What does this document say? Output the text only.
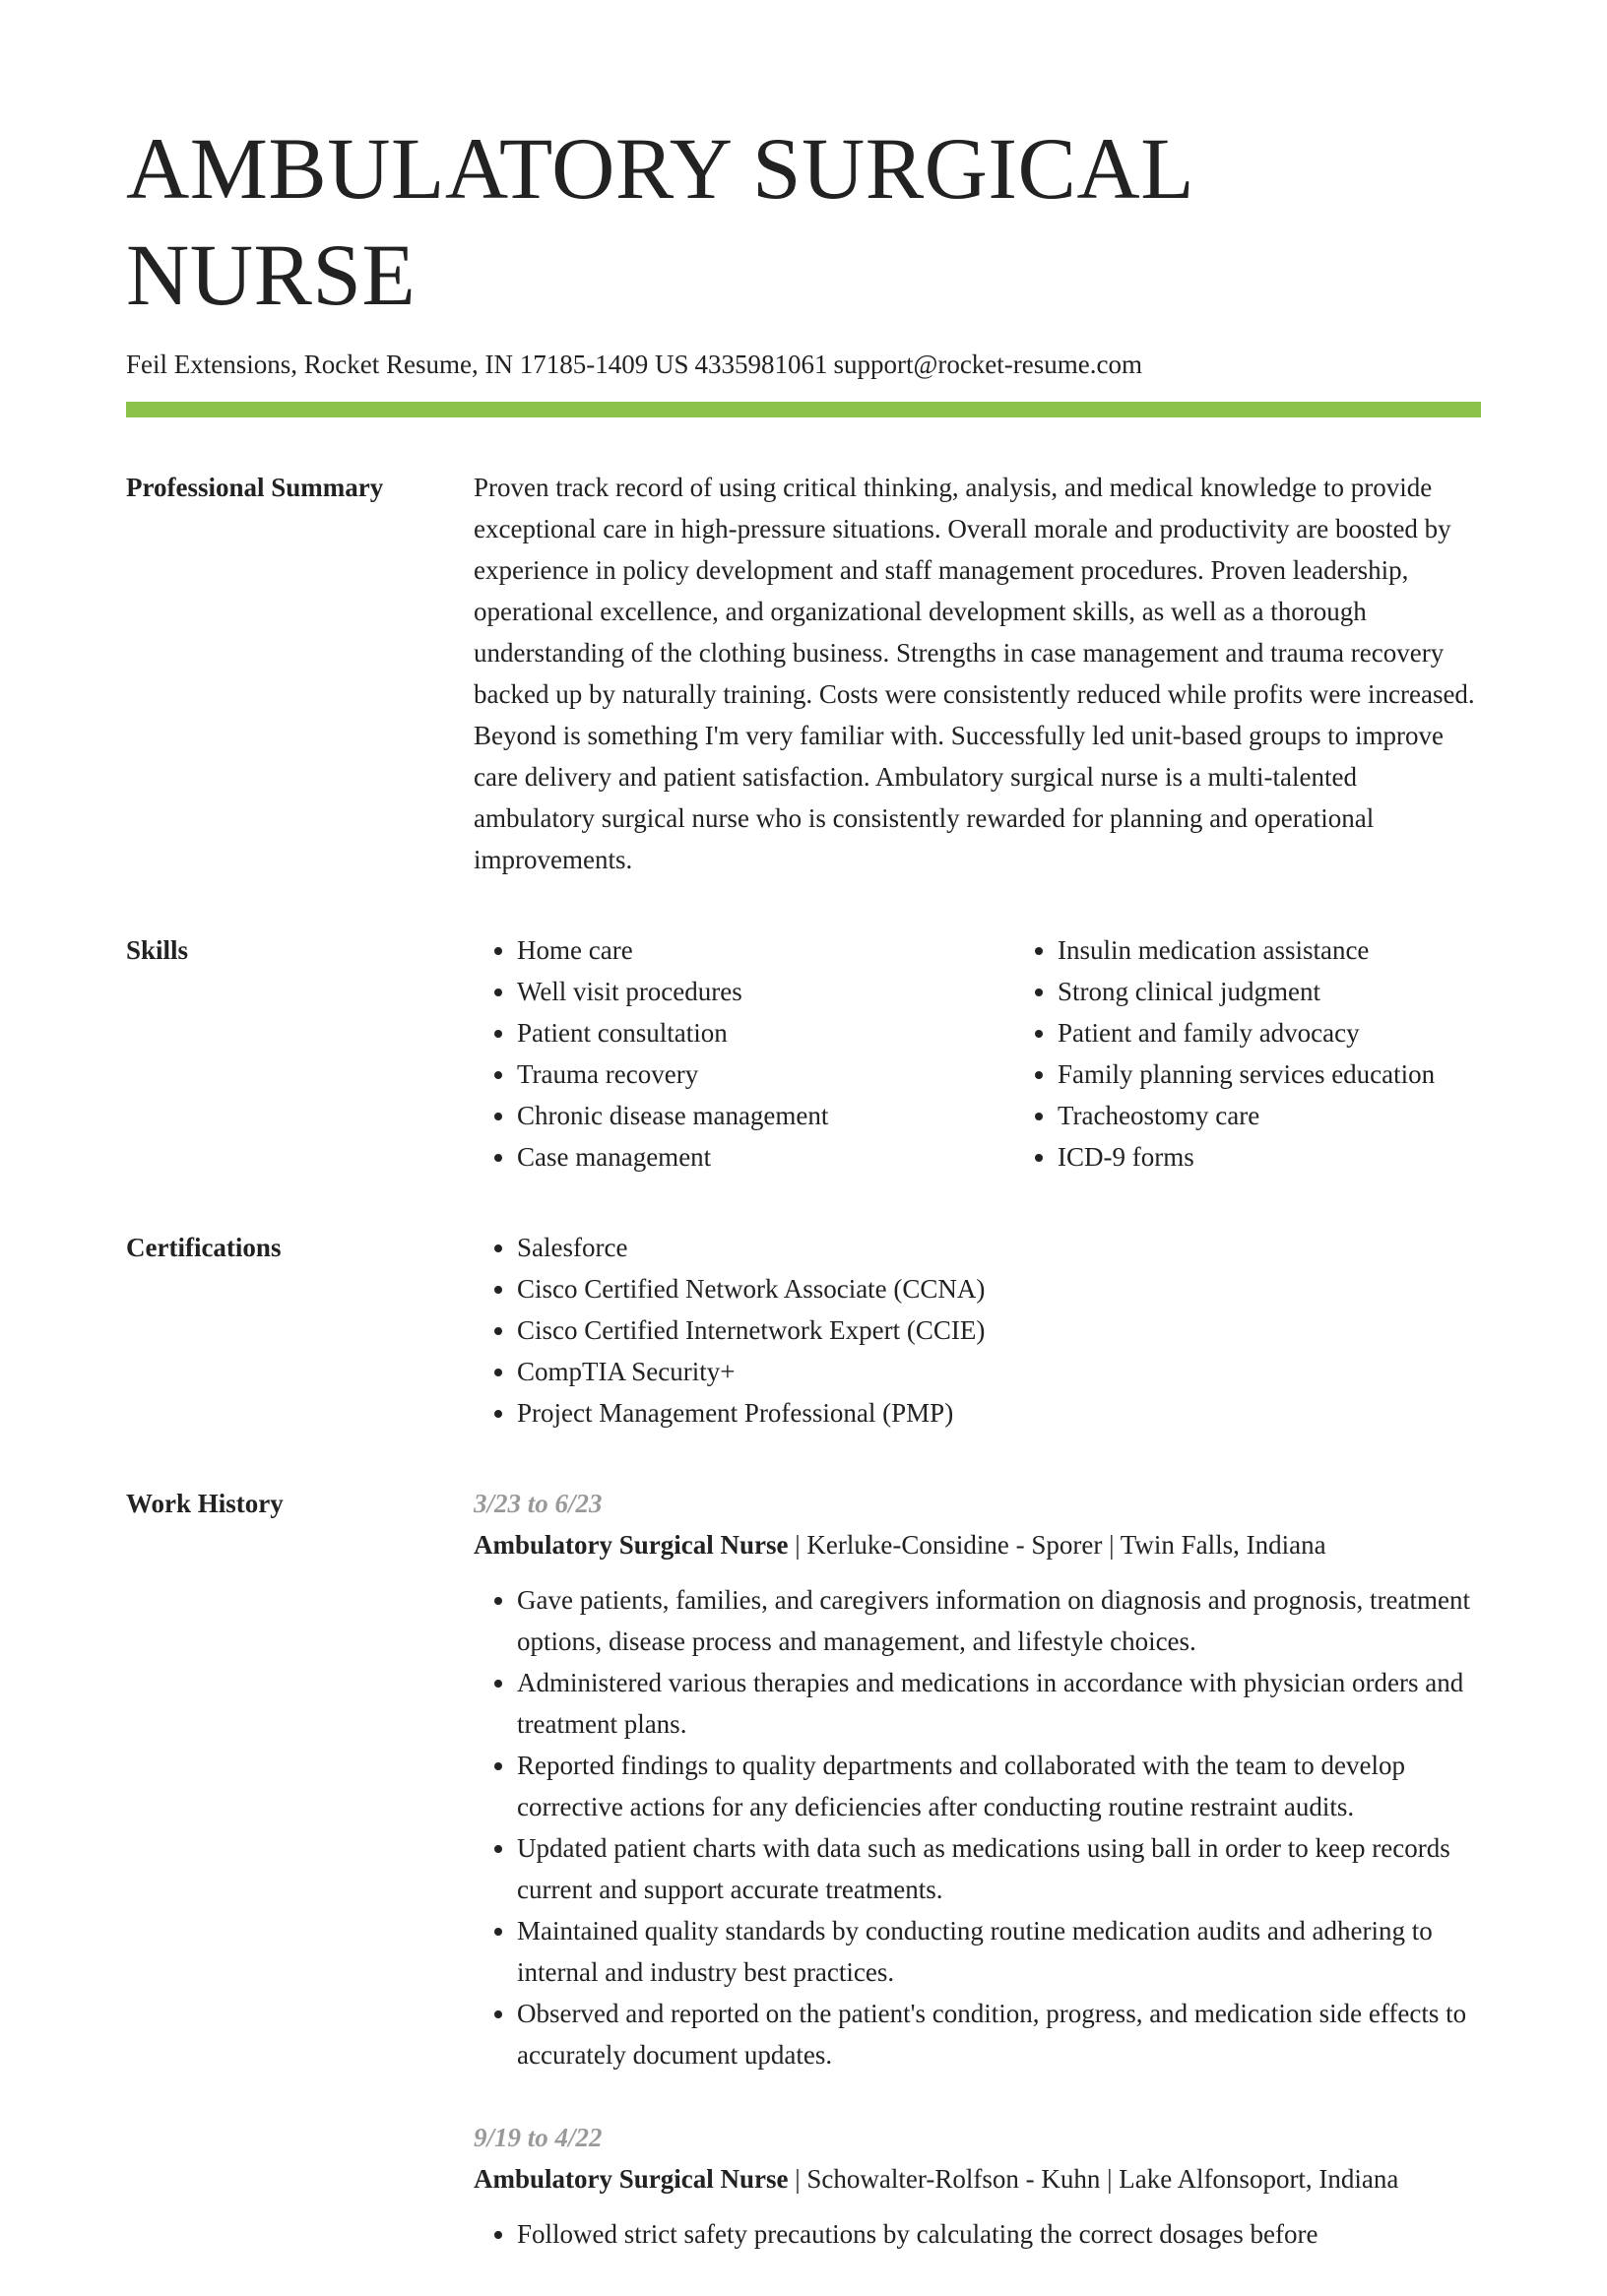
AMBULATORY SURGICAL NURSE
Feil Extensions, Rocket Resume, IN 17185-1409 US 4335981061 support@rocket-resume.com
Professional Summary	Proven track record of using critical thinking, analysis, and medical knowledge to provide exceptional care in high-pressure situations. Overall morale and productivity are boosted by experience in policy development and staff management procedures. Proven leadership, operational excellence, and organizational development skills, as well as a thorough understanding of the clothing business. Strengths in case management and trauma recovery backed up by naturally training. Costs were consistently reduced while profits were increased. Beyond is something I'm very familiar with. Successfully led unit-based groups to improve care delivery and patient satisfaction. Ambulatory surgical nurse is a multi-talented ambulatory surgical nurse who is consistently rewarded for planning and operational improvements.

Skills	• Home care
• Well visit procedures
• Patient consultation
• Trauma recovery
• Chronic disease management
• Case management
• Insulin medication assistance
• Strong clinical judgment
• Patient and family advocacy
• Family planning services education
• Tracheostomy care
• ICD-9 forms
Certifications	• Salesforce
• Cisco Certified Network Associate (CCNA)
• Cisco Certified Internetwork Expert (CCIE)
• CompTIA Security+
• Project Management Professional (PMP)
Work History	3/23 to 6/23
Ambulatory Surgical Nurse | Kerluke-Considine - Sporer | Twin Falls, Indiana
• Gave patients, families, and caregivers information on diagnosis and prognosis, treatment options, disease process and management, and lifestyle choices.
• Administered various therapies and medications in accordance with physician orders and treatment plans.
• Reported findings to quality departments and collaborated with the team to develop corrective actions for any deficiencies after conducting routine restraint audits.
• Updated patient charts with data such as medications using ball in order to keep records current and support accurate treatments.
• Maintained quality standards by conducting routine medication audits and adhering to internal and industry best practices.
• Observed and reported on the patient's condition, progress, and medication side effects to accurately document updates.
9/19 to 4/22
Ambulatory Surgical Nurse | Schowalter-Rolfson - Kuhn | Lake Alfonsoport, Indiana
• Followed strict safety precautions by calculating the correct dosages before
